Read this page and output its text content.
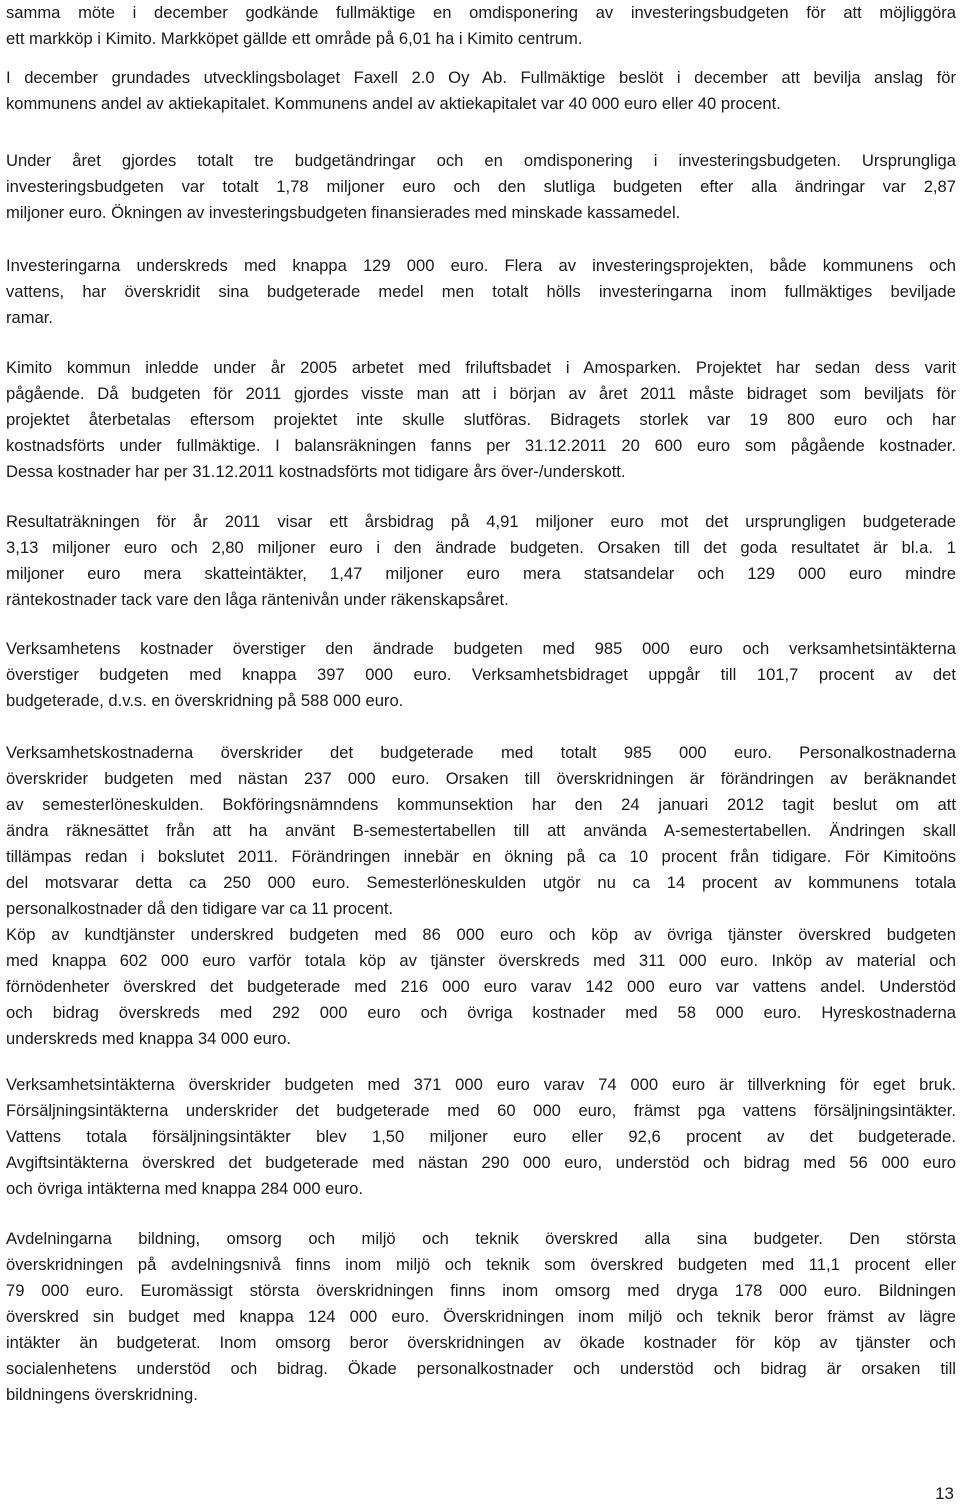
samma möte i december godkände fullmäktige en omdisponering av investeringsbudgeten för att möjliggöra
ett markköp i Kimito. Markköpet gällde ett område på 6,01 ha i Kimito centrum.

I december grundades utvecklingsbolaget Faxell 2.0 Oy Ab. Fullmäktige beslöt i december att bevilja anslag för
kommunens andel av aktiekapitalet. Kommunens andel av aktiekapitalet var 40 000 euro eller 40 procent.

Under året gjordes totalt tre budgetändringar och en omdisponering i investeringsbudgeten. Ursprungliga
investeringsbudgeten var totalt 1,78 miljoner euro och den slutliga budgeten efter alla ändringar var 2,87
miljoner euro. Ökningen av investeringsbudgeten finansierades med minskade kassamedel.

Investeringarna underskreds med knappa 129 000 euro. Flera av investeringsprojekten, både kommunens och
vattens, har överskridit sina budgeterade medel men totalt hölls investeringarna inom fullmäktiges beviljade
ramar.

Kimito kommun inledde under år 2005 arbetet med friluftsbadet i Amosparken. Projektet har sedan dess varit
pågående. Då budgeten för 2011 gjordes visste man att i början av året 2011 måste bidraget som beviljats för
projektet återbetalas eftersom projektet inte skulle slutföras. Bidragets storlek var 19 800 euro och har
kostnadsförts under fullmäktige. I balansräkningen fanns per 31.12.2011 20 600 euro som pågående kostnader.
Dessa kostnader har per 31.12.2011 kostnadsförts mot tidigare års över-/underskott.

Resultaträkningen för år 2011 visar ett årsbidrag på 4,91 miljoner euro mot det ursprungligen budgeterade
3,13 miljoner euro och 2,80 miljoner euro i den ändrade budgeten. Orsaken till det goda resultatet är bl.a. 1
miljoner euro mera skatteintäkter, 1,47 miljoner euro mera statsandelar och 129 000 euro mindre
räntekostnader tack vare den låga räntenivån under räkenskapsåret.

Verksamhetens kostnader överstiger den ändrade budgeten med 985 000 euro och verksamhetsintäkterna
överstiger budgeten med knappa 397 000 euro. Verksamhetsbidraget uppgår till 101,7 procent av det
budgeterade, d.v.s. en överskridning på 588 000 euro.

Verksamhetskostnaderna överskrider det budgeterade med totalt 985 000 euro. Personalkostnaderna
överskrider budgeten med nästan 237 000 euro. Orsaken till överskridningen är förändringen av beräknandet
av semesterlöneskulden. Bokföringsnämndens kommunsektion har den 24 januari 2012 tagit beslut om att
ändra räknesättet från att ha använt B-semestertabellen till att använda A-semestertabellen. Ändringen skall
tillämpas redan i bokslutet 2011. Förändringen innebär en ökning på ca 10 procent från tidigare. För Kimitoöns
del motsvarar detta ca 250 000 euro. Semesterlöneskulden utgör nu ca 14 procent av kommunens totala
personalkostnader då den tidigare var ca 11 procent.
Köp av kundtjänster underskred budgeten med 86 000 euro och köp av övriga tjänster överskred budgeten
med knappa 602 000 euro varför totala köp av tjänster överskreds med 311 000 euro. Inköp av material och
förnödenheter överskred det budgeterade med 216 000 euro varav 142 000 euro var vattens andel. Understöd
och bidrag överskreds med 292 000 euro och övriga kostnader med 58 000 euro. Hyreskostnaderna
underskreds med knappa 34 000 euro.

Verksamhetsintäkterna överskrider budgeten med 371 000 euro varav 74 000 euro är tillverkning för eget bruk.
Försäljningsintäkterna underskrider det budgeterade med 60 000 euro, främst pga vattens försäljningsintäkter.
Vattens totala försäljningsintäkter blev 1,50 miljoner euro eller 92,6 procent av det budgeterade.
Avgiftsintäkterna överskred det budgeterade med nästan 290 000 euro, understöd och bidrag med 56 000 euro
och övriga intäkterna med knappa 284 000 euro.

Avdelningarna bildning, omsorg och miljö och teknik överskred alla sina budgeter. Den största
överskridningen på avdelningsnivå finns inom miljö och teknik som överskred budgeten med 11,1 procent eller
79 000 euro. Euromässigt största överskridningen finns inom omsorg med dryga 178 000 euro. Bildningen
överskred sin budget med knappa 124 000 euro. Överskridningen inom miljö och teknik beror främst av lägre
intäkter än budgeterat. Inom omsorg beror överskridningen av ökade kostnader för köp av tjänster och
socialenhetens understöd och bidrag. Ökade personalkostnader och understöd och bidrag är orsaken till
bildningens överskridning.

13
